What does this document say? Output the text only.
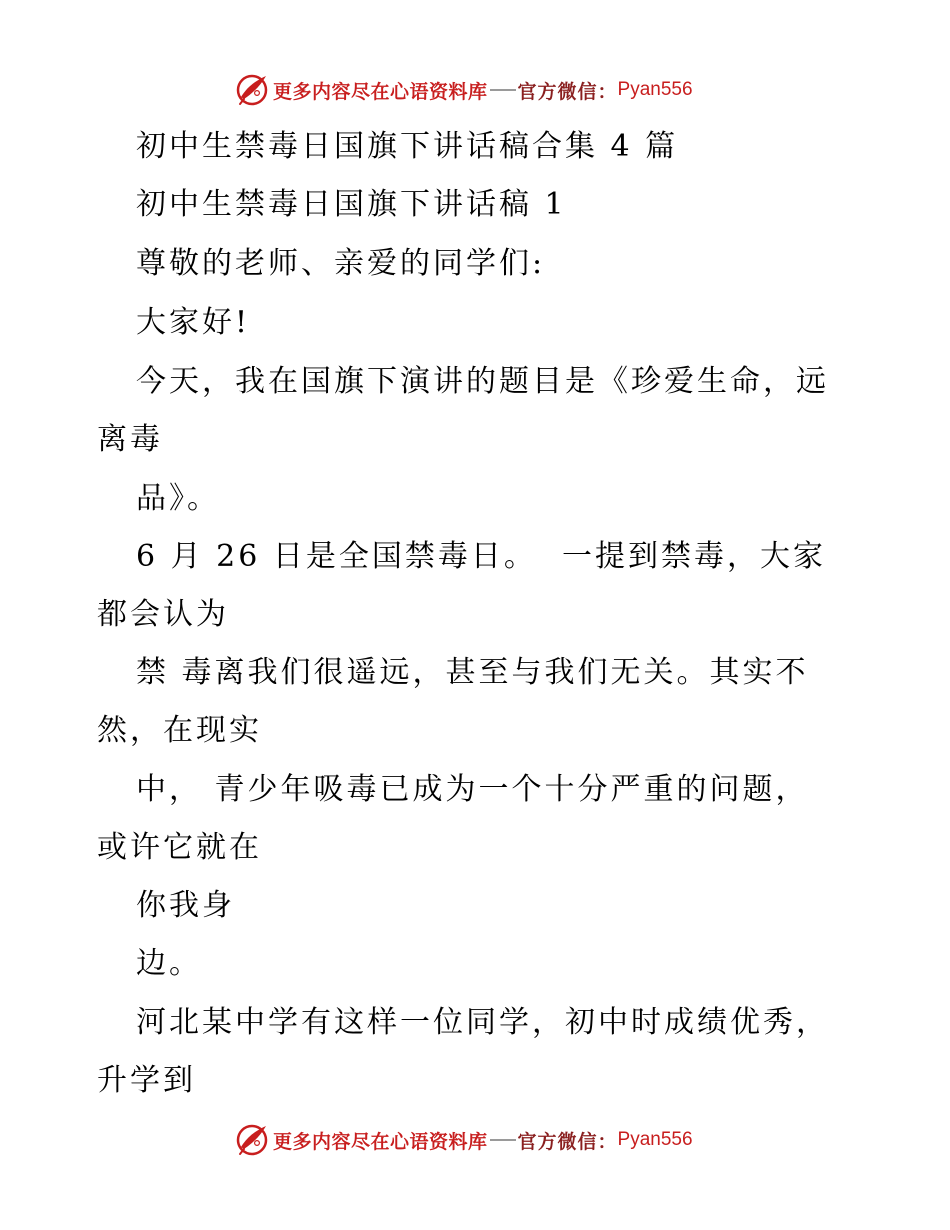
更多内容尽在心语资料库 官方微信： Pyan556
初中生禁毒日国旗下讲话稿合集 4 篇
初中生禁毒日国旗下讲话稿 1
尊敬的老师、亲爱的同学们:
大家好!
今天，我在国旗下演讲的题目是《珍爱生命，远
离毒
品》。
6 月 26 日是全国禁毒日。  一提到禁毒，大家
都会认为
禁 毒离我们很遥远，甚至与我们无关。其实不
然，在现实
中， 青少年吸毒已成为一个十分严重的问题，
或许它就在
你我身
边。
河北某中学有这样一位同学，初中时成绩优秀，
升学到
更多内容尽在心语资料库 官方微信： Pyan556
